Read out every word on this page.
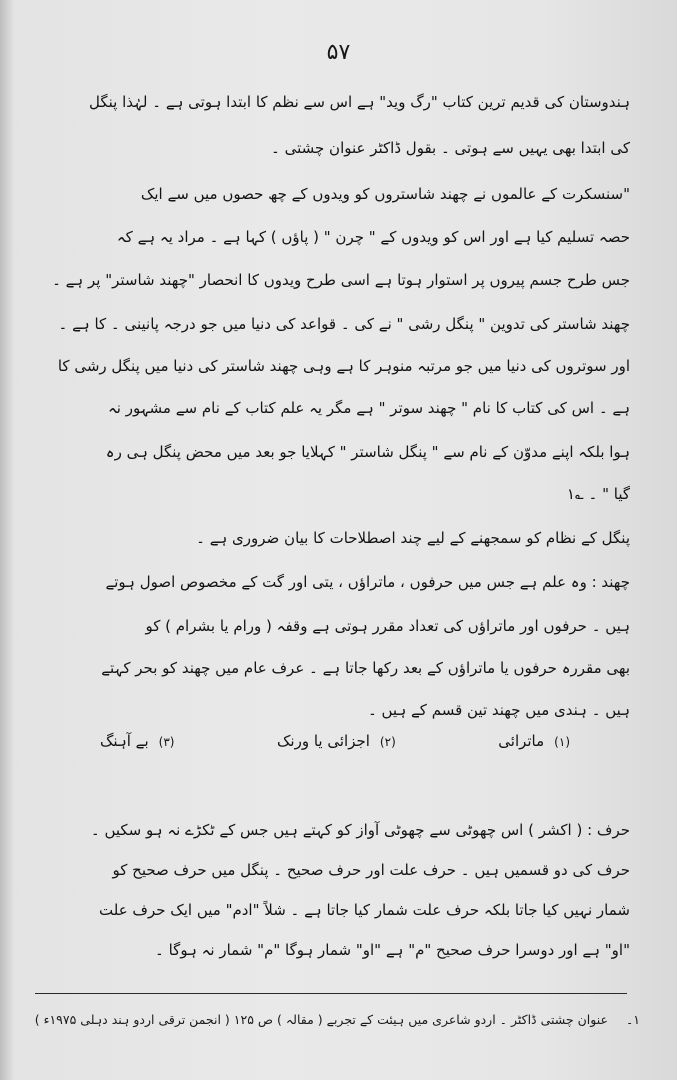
۵۷
ہندوستان کی قدیم ترین کتاب "رگ وید" ہے اس سے نظم کا ابتدا ہوتی ہے ۔ لہٰذا پنگل
کی ابتدا بھی یہیں سے ہوتی ۔ بقول ڈاکٹر عنوان چشتی ۔
"سنسکرت کے عالموں نے چھند شاستروں کو ویدوں کے چھ حصوں میں سے ایک
حصہ تسلیم کیا ہے اور اس کو ویدوں کے " چرن " ( پاؤں ) کہا ہے ۔ مراد یہ ہے کہ
جس طرح جسم پیروں پر استوار ہوتا ہے اسی طرح ویدوں کا انحصار "چھند شاستر" پر ہے ۔
چھند شاستر کی تدوین " پنگل رشی " نے کی ۔ قواعد کی دنیا میں جو درجہ پانینی ۔ کا ہے ۔
اور سوتروں کی دنیا میں جو مرتبہ منوہر کا ہے وہی چھند شاستر کی دنیا میں پنگل رشی کا
ہے ۔ اس کی کتاب کا نام " چھند سوتر " ہے مگر یہ علم کتاب کے نام سے مشہور نہ
ہوا بلکہ اپنے مدوّن کے نام سے " پنگل شاستر " کہلایا جو بعد میں محض پنگل ہی رہ
گیا " ۔ ؎۱
پنگل کے نظام کو سمجھنے کے لیے چند اصطلاحات کا بیان ضروری ہے ۔
چھند : وہ علم ہے جس میں حرفوں ، ماتراؤں ، یتی اور گت کے مخصوص اصول ہوتے
ہیں ۔ حرفوں اور ماتراؤں کی تعداد مقرر ہوتی ہے وقفہ ( ورام یا بشرام ) کو
بھی مقررہ حرفوں یا ماتراؤں کے بعد رکھا جاتا ہے ۔ عرف عام میں چھند کو بحر کہتے
ہیں ۔ ہندی میں چھند تین قسم کے ہیں ۔
(۱)ماترائی
(۲)اجزائی یا ورنک
(۳)بے آہنگ
حرف : ( اکشر ) اس چھوٹی سے چھوٹی آواز کو کہتے ہیں جس کے ٹکڑے نہ ہو سکیں ۔
حرف کی دو قسمیں ہیں ۔ حرف علت اور حرف صحیح ۔ پنگل میں حرف صحیح کو
شمار نہیں کیا جاتا بلکہ حرف علت شمار کیا جاتا ہے ۔ شلاً "ادم" میں ایک حرف علت
"او" ہے اور دوسرا حرف صحیح "م" ہے "او" شمار ہوگا "م" شمار نہ ہوگا ۔
۱۔ عنوان چشتی ڈاکٹر ۔ اردو شاعری میں ہیئت کے تجربے ( مقالہ ) ص ۱۲۵ ( انجمن ترقی اردو ہند دہلی ۱۹۷۵ء )
